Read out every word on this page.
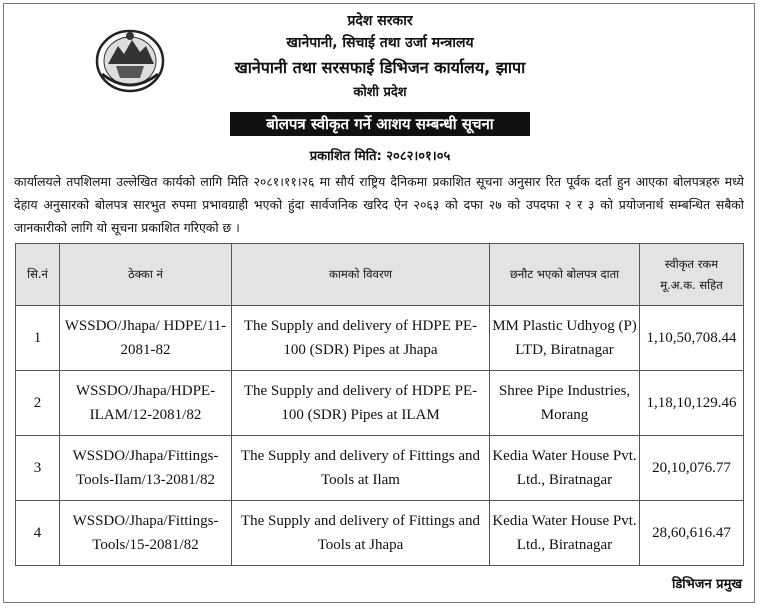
प्रदेश सरकार
खानेपानी, सिचाई तथा उर्जा मन्त्रालय
खानेपानी तथा सरसफाई डिभिजन कार्यालय, झापा
कोशी प्रदेश
बोलपत्र स्वीकृत गर्ने आशय सम्बन्धी सूचना
प्रकाशित मिति: २०८२।०१।०५
कार्यालयले तपशिलमा उल्लेखित कार्यको लागि मिति २०८१।११।२६ मा सौर्य राष्ट्रिय दैनिकमा प्रकाशित सूचना अनुसार रित पूर्वक दर्ता हुन आएका बोलपत्रहरु मध्ये देहाय अनुसारको बोलपत्र सारभुत रुपमा प्रभावग्राही भएको हुंदा सार्वजनिक खरिद ऐन २०६३ को दफा २७ को उपदफा २ र ३ को प्रयोजनार्थ सम्बन्धित सबैको जानकारीको लागि यो सूचना प्रकाशित गरिएको छ ।
सि.नं	ठेक्का नं	कामको विवरण	छनौट भएको बोलपत्र दाता	स्वीकृत रकम
मू.अ.क. सहित

1	WSSDO/Jhapa/ HDPE/11-2081-82	The Supply and delivery of HDPE PE-100 (SDR) Pipes at Jhapa	MM Plastic Udhyog (P) LTD, Biratnagar	1,10,50,708.44
2	WSSDO/Jhapa/HDPE-ILAM/12-2081/82	The Supply and delivery of HDPE PE-100 (SDR) Pipes at ILAM	Shree Pipe Industries, Morang	1,18,10,129.46
3	WSSDO/Jhapa/Fittings-Tools-Ilam/13-2081/82	The Supply and delivery of Fittings and Tools at Ilam	Kedia Water House Pvt. Ltd., Biratnagar	20,10,076.77
4	WSSDO/Jhapa/Fittings-Tools/15-2081/82	The Supply and delivery of Fittings and Tools at Jhapa	Kedia Water House Pvt. Ltd., Biratnagar	28,60,616.47
डिभिजन प्रमुख
